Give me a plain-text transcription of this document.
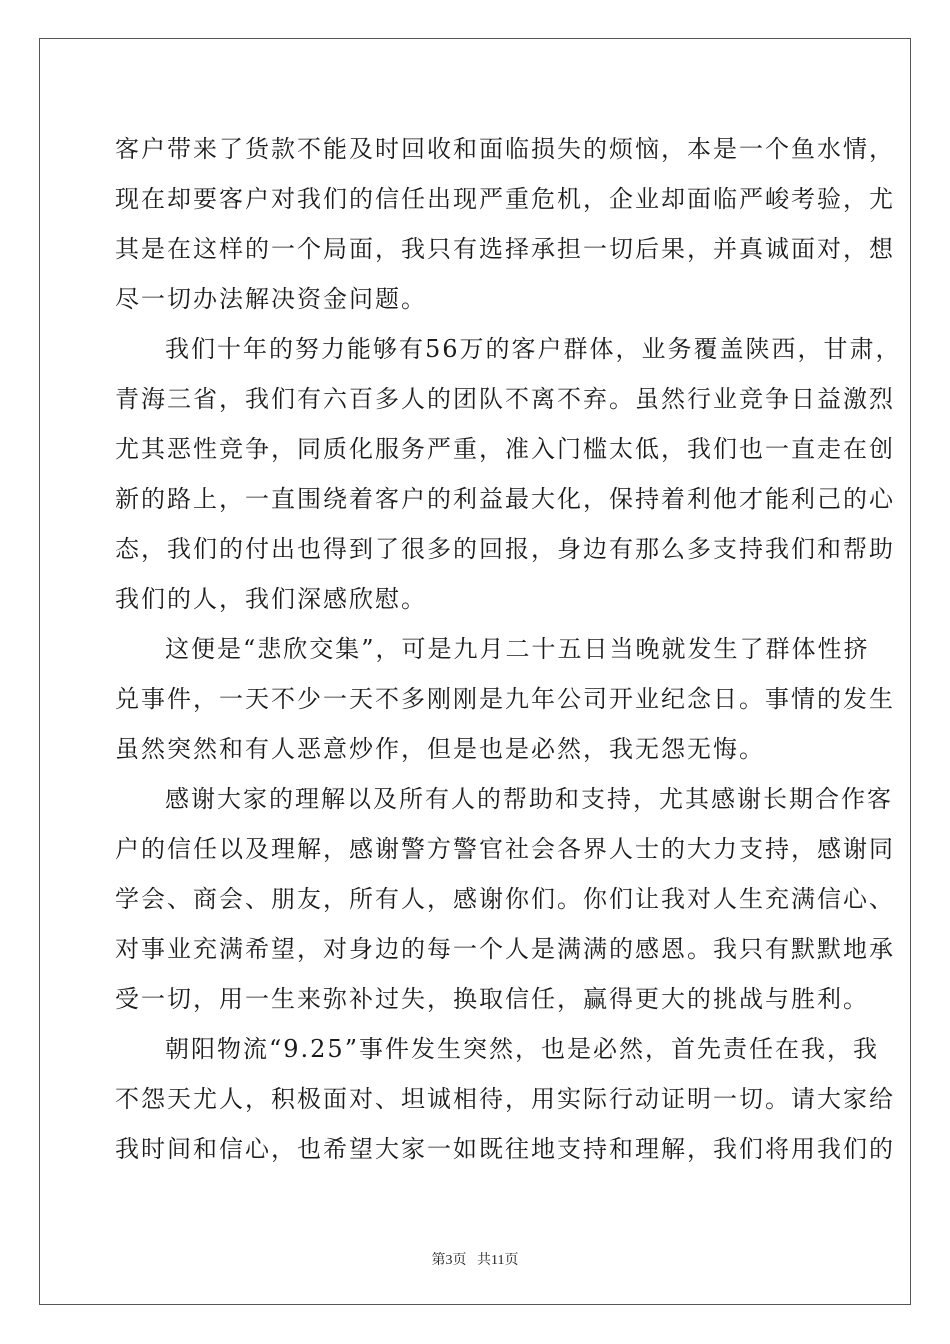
客户带来了货款不能及时回收和面临损失的烦恼，本是一个鱼水情，
现在却要客户对我们的信任出现严重危机，企业却面临严峻考验，尤
其是在这样的一个局面，我只有选择承担一切后果，并真诚面对，想
尽一切办法解决资金问题。
我们十年的努力能够有56万的客户群体，业务覆盖陕西，甘肃，
青海三省，我们有六百多人的团队不离不弃。虽然行业竞争日益激烈
尤其恶性竞争，同质化服务严重，准入门槛太低，我们也一直走在创
新的路上，一直围绕着客户的利益最大化，保持着利他才能利己的心
态，我们的付出也得到了很多的回报，身边有那么多支持我们和帮助
我们的人，我们深感欣慰。
这便是“悲欣交集”，可是九月二十五日当晚就发生了群体性挤
兑事件，一天不少一天不多刚刚是九年公司开业纪念日。事情的发生
虽然突然和有人恶意炒作，但是也是必然，我无怨无悔。
感谢大家的理解以及所有人的帮助和支持，尤其感谢长期合作客
户的信任以及理解，感谢警方警官社会各界人士的大力支持，感谢同
学会、商会、朋友，所有人，感谢你们。你们让我对人生充满信心、
对事业充满希望，对身边的每一个人是满满的感恩。我只有默默地承
受一切，用一生来弥补过失，换取信任，赢得更大的挑战与胜利。
朝阳物流“9.25”事件发生突然，也是必然，首先责任在我，我
不怨天尤人，积极面对、坦诚相待，用实际行动证明一切。请大家给
我时间和信心，也希望大家一如既往地支持和理解，我们将用我们的
第3页 共11页
